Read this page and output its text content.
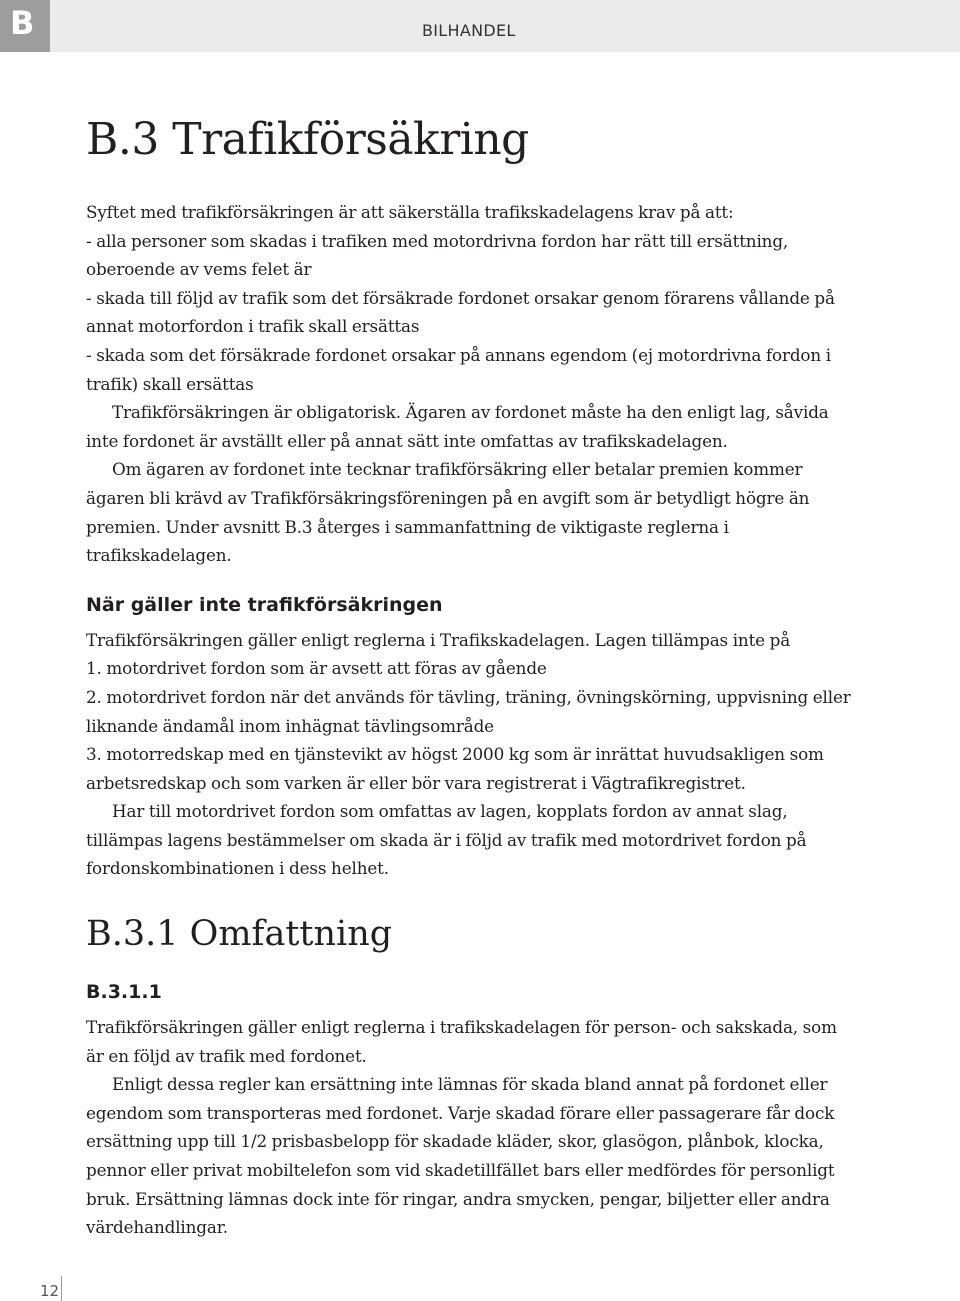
B	BILHANDEL
B.3 Trafikförsäkring

Syftet med trafikförsäkringen är att säkerställa trafikskadelagens krav på att:

- alla personer som skadas i trafiken med motordrivna fordon har rätt till ersättning, oberoende av vems felet är

- skada till följd av trafik som det försäkrade fordonet orsakar genom förarens vållande på annat motorfordon i trafik skall ersättas

- skada som det försäkrade fordonet orsakar på annans egendom (ej motordrivna fordon i trafik) skall ersättas

Trafikförsäkringen är obligatorisk. Ägaren av fordonet måste ha den enligt lag, såvida inte fordonet är avställt eller på annat sätt inte omfattas av trafikskadelagen.

Om ägaren av fordonet inte tecknar trafikförsäkring eller betalar premien kommer ägaren bli krävd av Trafikförsäkringsföreningen på en avgift som är betydligt högre än premien. Under avsnitt B.3 återges i sammanfattning de viktigaste reglerna i trafikskadelagen.

När gäller inte trafikförsäkringen

Trafikförsäkringen gäller enligt reglerna i Trafikskadelagen. Lagen tillämpas inte på

1. motordrivet fordon som är avsett att föras av gående

2. motordrivet fordon när det används för tävling, träning, övningskörning, uppvisning eller liknande ändamål inom inhägnat tävlingsområde

3. motorredskap med en tjänstevikt av högst 2000 kg som är inrättat huvudsakligen som arbetsredskap och som varken är eller bör vara registrerat i Vägtrafikregistret.

Har till motordrivet fordon som omfattas av lagen, kopplats fordon av annat slag, tillämpas lagens bestämmelser om skada är i följd av trafik med motordrivet fordon på fordonskombinationen i dess helhet.

B.3.1 Omfattning
B.3.1.1

Trafikförsäkringen gäller enligt reglerna i trafikskadelagen för person- och sakskada, som är en följd av trafik med fordonet.

Enligt dessa regler kan ersättning inte lämnas för skada bland annat på fordonet eller egendom som transporteras med fordonet. Varje skadad förare eller passagerare får dock ersättning upp till 1/2 prisbasbelopp för skadade kläder, skor, glasögon, plånbok, klocka, pennor eller privat mobiltelefon som vid skadetillfället bars eller medfördes för personligt bruk. Ersättning lämnas dock inte för ringar, andra smycken, pengar, biljetter eller andra värdehandlingar.

12
